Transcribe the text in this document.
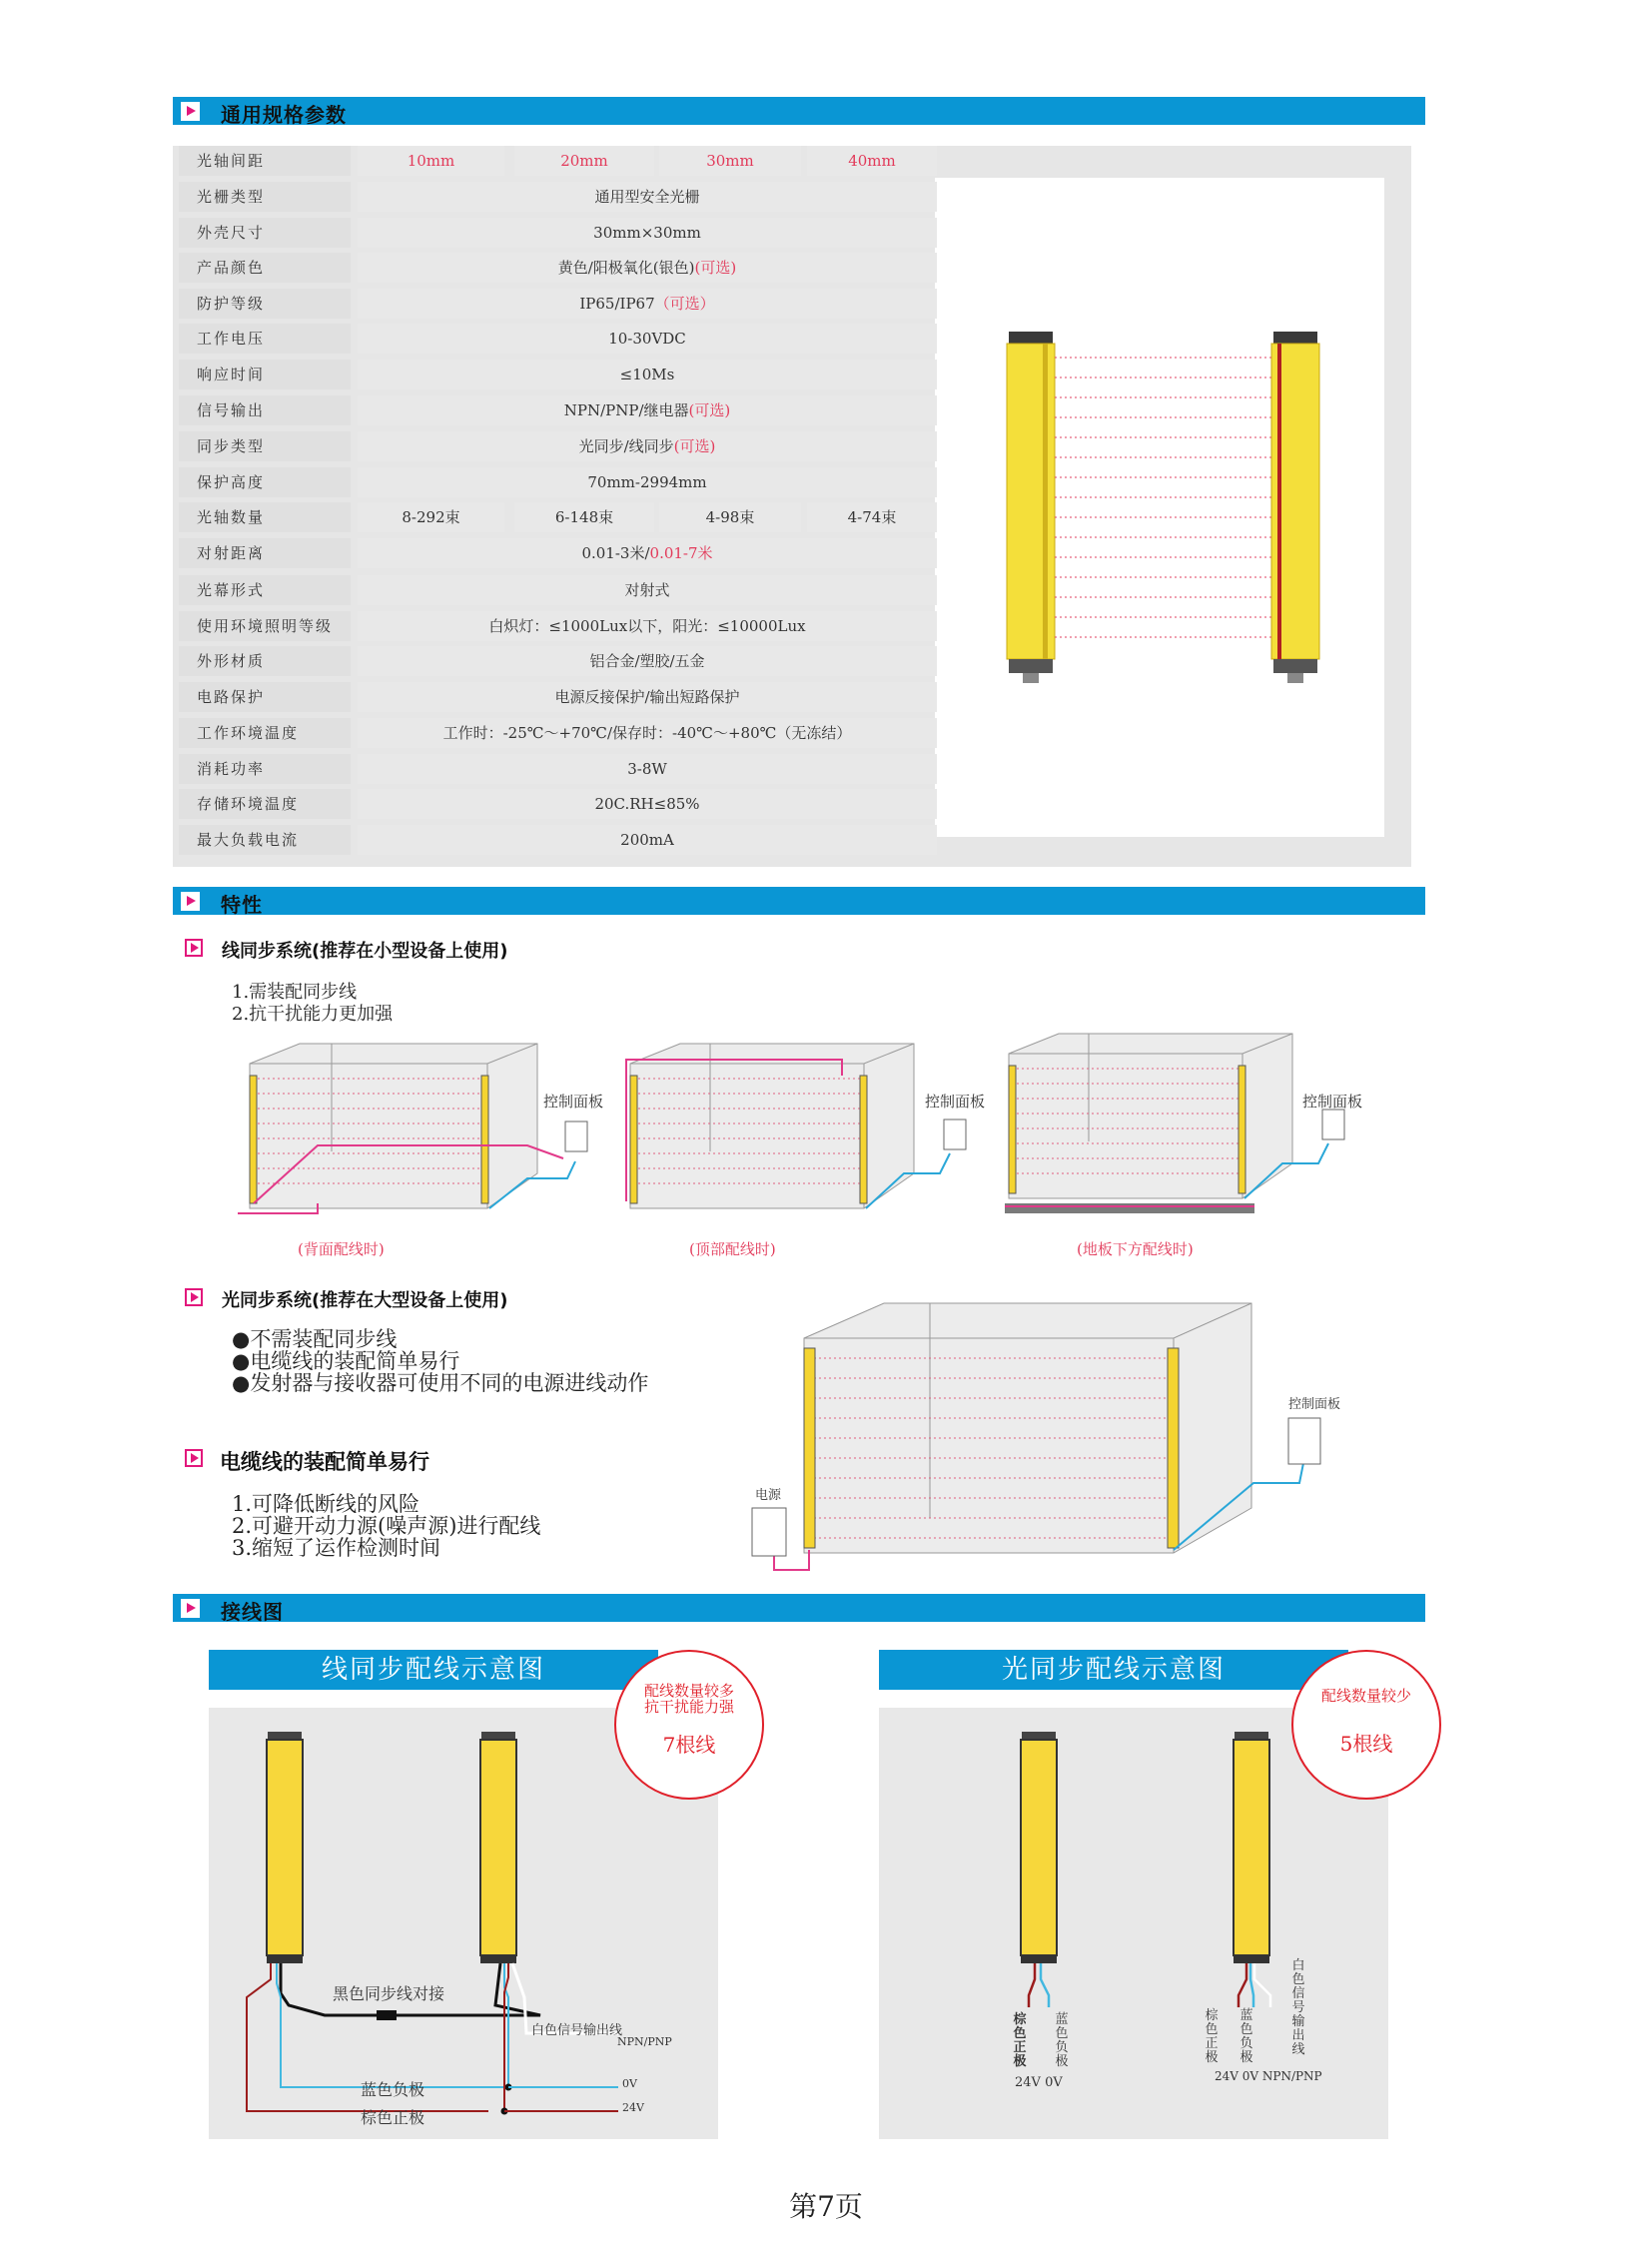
通用规格参数
光轴间距	10mm	20mm	30mm	40mm
光栅类型	通用型安全光栅
外壳尺寸	30mm×30mm
产品颜色	黄色/阳极氧化(银色)(可选)
防护等级	IP65/IP67（可选）
工作电压	10-30VDC
响应时间	≤10Ms
信号输出	NPN/PNP/继电器(可选)
同步类型	光同步/线同步(可选)
保护高度	70mm-2994mm
光轴数量	8-292束	6-148束	4-98束	4-74束
对射距离	0.01-3米/0.01-7米
光幕形式	对射式
使用环境照明等级	白炽灯：≤1000Lux以下，阳光：≤10000Lux
外形材质	铝合金/塑胶/五金
电路保护	电源反接保护/输出短路保护
工作环境温度	工作时：-25℃～+70℃/保存时：-40℃～+80℃（无冻结）
消耗功率	3-8W
存储环境温度	20C.RH≤85%
最大负载电流	200mA
特性
线同步系统(推荐在小型设备上使用)
1.需装配同步线
2.抗干扰能力更加强
控制面板
(背面配线时)
控制面板
(顶部配线时)
控制面板
(地板下方配线时)
光同步系统(推荐在大型设备上使用)
●不需装配同步线
●电缆线的装配简单易行
●发射器与接收器可使用不同的电源进线动作
电缆线的装配简单易行
1.可降低断线的风险
2.可避开动力源(噪声源)进行配线
3.缩短了运作检测时间
控制面板
电源
接线图
线同步配线示意图
配线数量较多
抗干扰能力强
7根线
黑色同步线对接
白色信号输出线
NPN/PNP
蓝色负极
棕色正极
0V
24V
光同步配线示意图
配线数量较少
5根线
棕色正极
蓝色负极
24V 0V
棕色正极
蓝色负极
白色信号输出线
24V 0V NPN/PNP
第7页
